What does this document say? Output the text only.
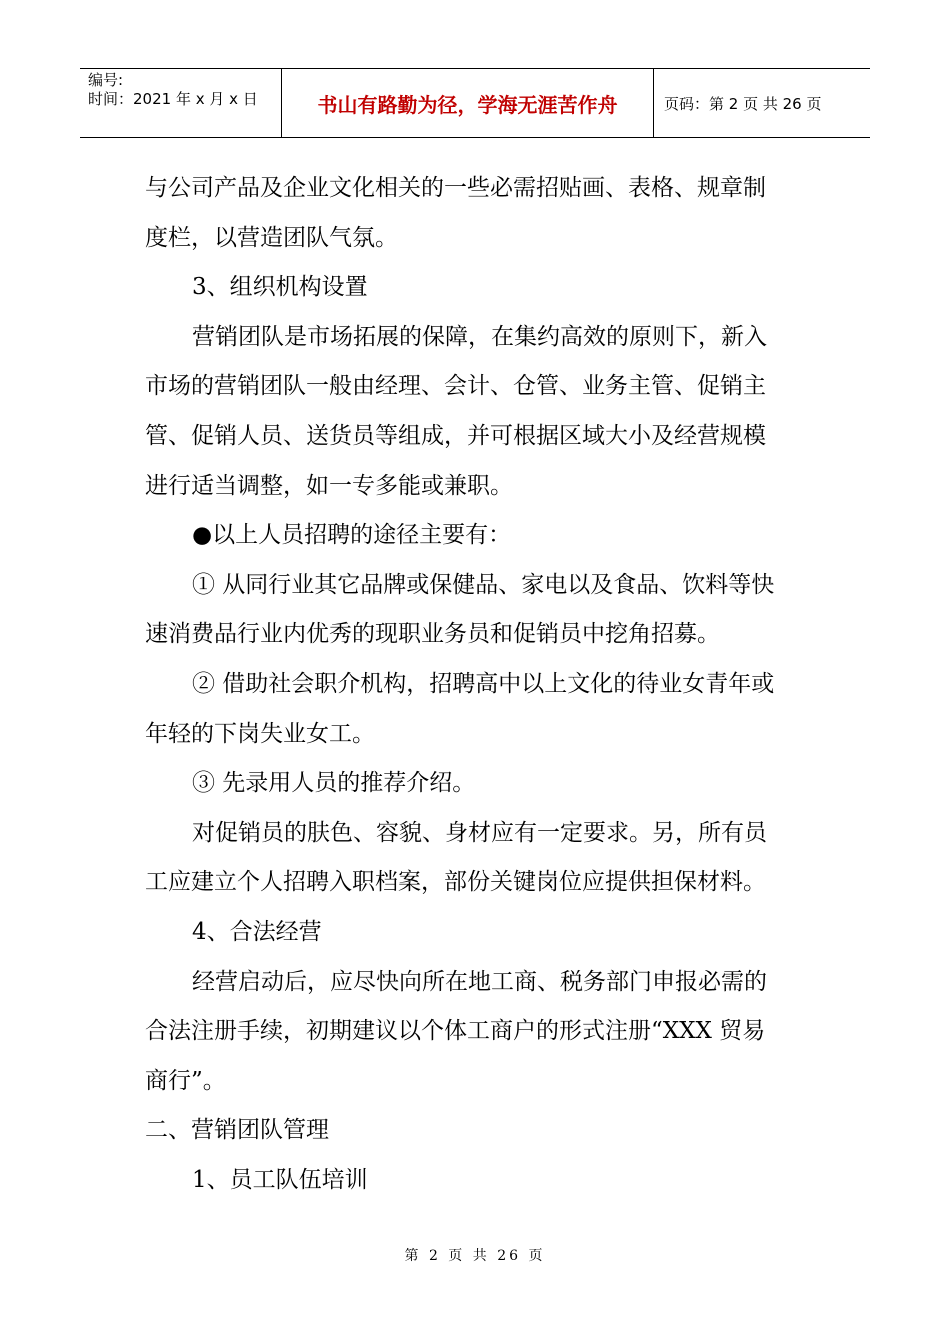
编号:
时间：2021 年 x 月 x 日	书山有路勤为径，学海无涯苦作舟	页码：第 2 页 共 26 页

与公司产品及企业文化相关的一些必需招贴画、表格、规章制

度栏，以营造团队气氛。

3、组织机构设置

营销团队是市场拓展的保障，在集约高效的原则下，新入

市场的营销团队一般由经理、会计、仓管、业务主管、促销主

管、促销人员、送货员等组成，并可根据区域大小及经营规模

进行适当调整，如一专多能或兼职。

●以上人员招聘的途径主要有：

① 从同行业其它品牌或保健品、家电以及食品、饮料等快

速消费品行业内优秀的现职业务员和促销员中挖角招募。

② 借助社会职介机构，招聘高中以上文化的待业女青年或

年轻的下岗失业女工。

③ 先录用人员的推荐介绍。

对促销员的肤色、容貌、身材应有一定要求。另，所有员

工应建立个人招聘入职档案，部份关键岗位应提供担保材料。

4、合法经营

经营启动后，应尽快向所在地工商、税务部门申报必需的

合法注册手续，初期建议以个体工商户的形式注册“XXX 贸易

商行”。

二、营销团队管理

1、员工队伍培训

第 2 页 共 26 页
